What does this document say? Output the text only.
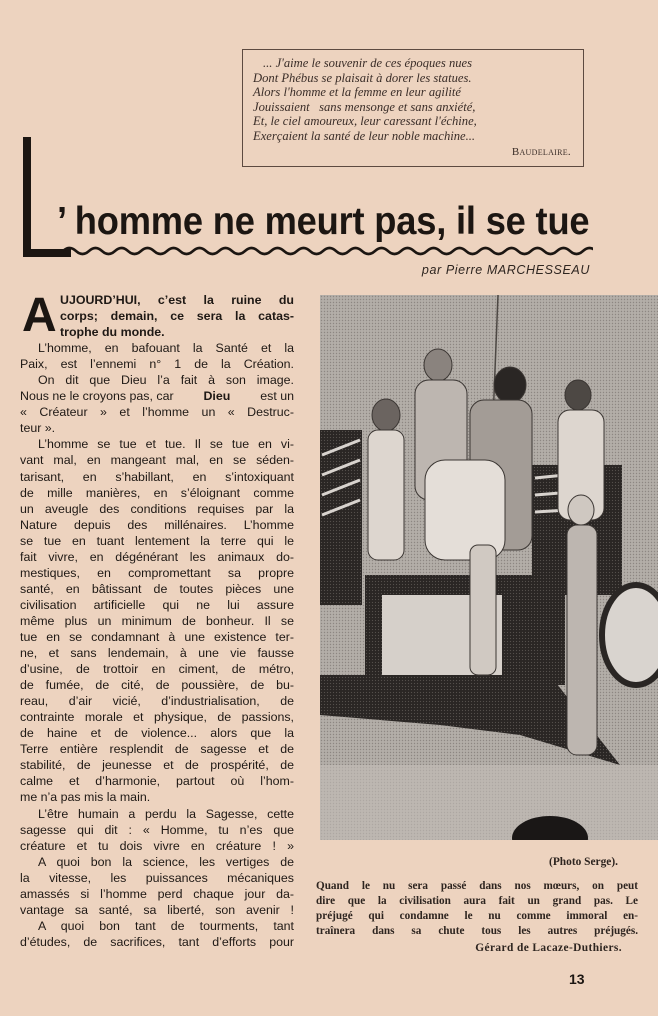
... J'aime le souvenir de ces époques nues
Dont Phébus se plaisait à dorer les statues.
Alors l'homme et la femme en leur agilité
Jouissaient   sans mensonge et sans anxiété,
Et, le ciel amoureux, leur caressant l'échine,
Exerçaient la santé de leur noble machine...
Baudelaire.
’ homme ne meurt pas, il se tue
par Pierre MARCHESSEAU
A UJOURD’HUI, c’est la ruine du
corps; demain, ce sera la catas-
trophe du monde.
L’homme, en bafouant la Santé et la
Paix, est l’ennemi n° 1 de la Création.
On dit que Dieu l’a fait à son image.
Nous ne le croyons pas, car Dieu est un
« Créateur » et l’homme un « Destruc-
teur ».
L’homme se tue et tue. Il se tue en vi-
vant mal, en mangeant mal, en se séden-
tarisant, en s’habillant, en s’intoxiquant
de mille manières, en s’éloignant comme
un aveugle des conditions requises par la
Nature depuis des millénaires. L’homme
se tue en tuant lentement la terre qui le
fait vivre, en dégénérant les animaux do-
mestiques, en compromettant sa propre
santé, en bâtissant de toutes pièces une
civilisation artificielle qui ne lui assure
même plus un minimum de bonheur. Il se
tue en se condamnant à une existence ter-
ne, et sans lendemain, à une vie fausse
d’usine, de trottoir en ciment, de métro,
de fumée, de cité, de poussière, de bu-
reau, d’air vicié, d’industrialisation, de
contrainte morale et physique, de passions,
de haine et de violence... alors que la
Terre entière resplendit de sagesse et de
stabilité, de jeunesse et de prospérité, de
calme et d’harmonie, partout où l’hom-
me n’a pas mis la main.
L’être humain a perdu la Sagesse, cette
sagesse qui dit : « Homme, tu n’es que
créature et tu dois vivre en créature ! »
A quoi bon la science, les vertiges de
la vitesse, les puissances mécaniques
amassés si l’homme perd chaque jour da-
vantage sa santé, sa liberté, son avenir !
A quoi bon tant de tourments, tant
d’études, de sacrifices, tant d’efforts pour
(Photo Serge).
Quand le nu sera passé dans nos mœurs, on peut
dire que la civilisation aura fait un grand pas. Le
préjugé qui condamne le nu comme immoral en-
traînera dans sa chute tous les autres préjugés.
Gérard de Lacaze-Duthiers.
13
